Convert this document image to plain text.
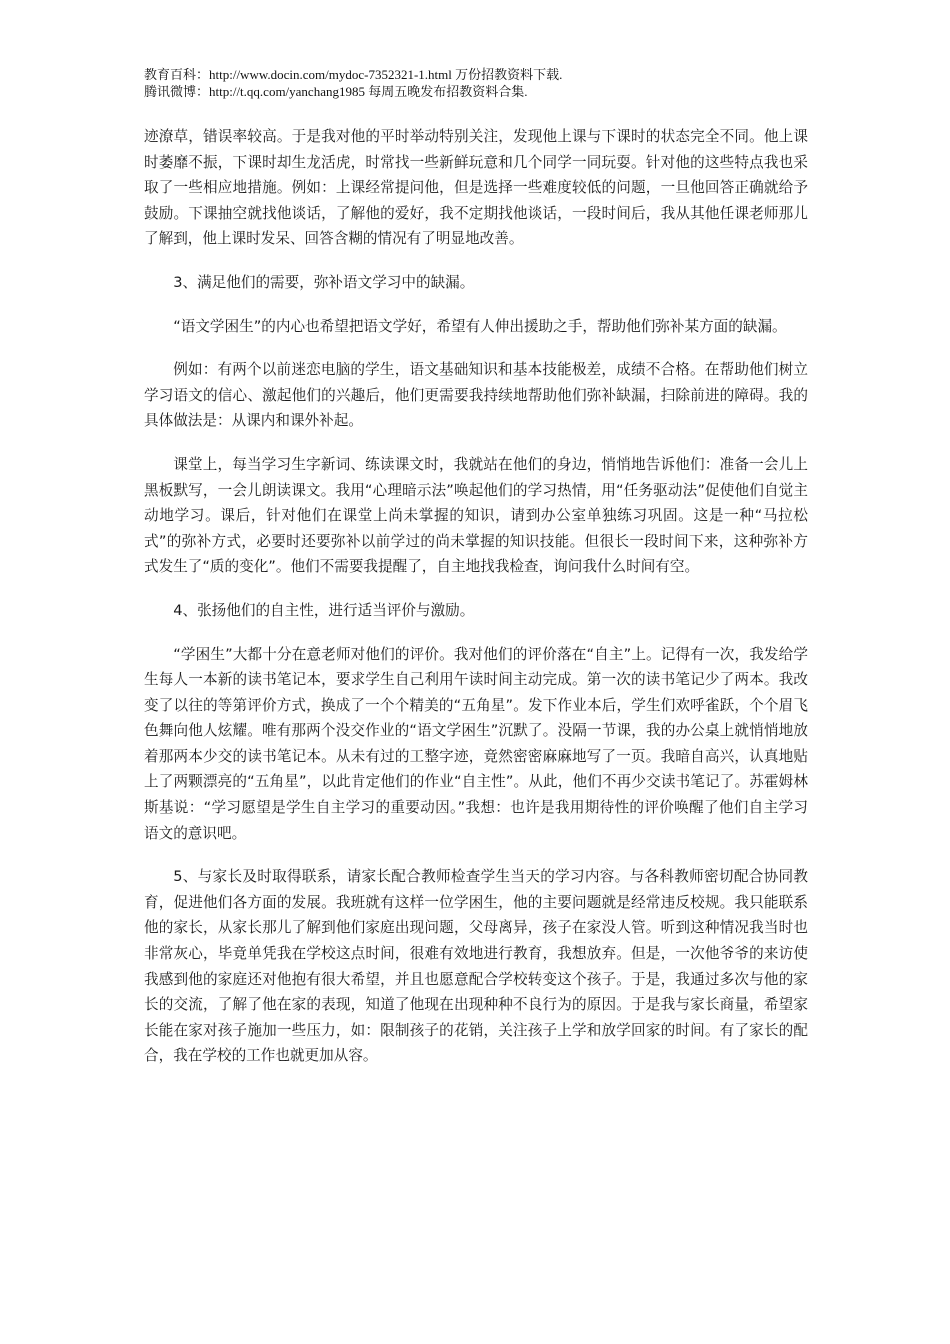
教育百科：http://www.docin.com/mydoc-7352321-1.html 万份招教资料下载.

腾讯微博：http://t.qq.com/yanchang1985 每周五晚发布招教资料合集.

迹潦草，错误率较高。于是我对他的平时举动特别关注，发现他上课与下课时的状态完全不同。他上课时萎靡不振，下课时却生龙活虎，时常找一些新鲜玩意和几个同学一同玩耍。针对他的这些特点我也采取了一些相应地措施。例如：上课经常提问他，但是选择一些难度较低的问题，一旦他回答正确就给予鼓励。下课抽空就找他谈话，了解他的爱好，我不定期找他谈话，一段时间后，我从其他任课老师那儿了解到，他上课时发呆、回答含糊的情况有了明显地改善。

3、满足他们的需要，弥补语文学习中的缺漏。

“语文学困生”的内心也希望把语文学好，希望有人伸出援助之手，帮助他们弥补某方面的缺漏。

例如：有两个以前迷恋电脑的学生，语文基础知识和基本技能极差，成绩不合格。在帮助他们树立学习语文的信心、激起他们的兴趣后，他们更需要我持续地帮助他们弥补缺漏，扫除前进的障碍。我的具体做法是：从课内和课外补起。

课堂上，每当学习生字新词、练读课文时，我就站在他们的身边，悄悄地告诉他们：准备一会儿上黑板默写，一会儿朗读课文。我用“心理暗示法”唤起他们的学习热情，用“任务驱动法”促使他们自觉主动地学习。课后，针对他们在课堂上尚未掌握的知识，请到办公室单独练习巩固。这是一种“马拉松式”的弥补方式，必要时还要弥补以前学过的尚未掌握的知识技能。但很长一段时间下来，这种弥补方式发生了“质的变化”。他们不需要我提醒了，自主地找我检查，询问我什么时间有空。

4、张扬他们的自主性，进行适当评价与激励。

“学困生”大都十分在意老师对他们的评价。我对他们的评价落在“自主”上。记得有一次，我发给学生每人一本新的读书笔记本，要求学生自己利用午读时间主动完成。第一次的读书笔记少了两本。我改变了以往的等第评价方式，换成了一个个精美的“五角星”。发下作业本后，学生们欢呼雀跃，个个眉飞色舞向他人炫耀。唯有那两个没交作业的“语文学困生”沉默了。没隔一节课，我的办公桌上就悄悄地放着那两本少交的读书笔记本。从未有过的工整字迹，竟然密密麻麻地写了一页。我暗自高兴，认真地贴上了两颗漂亮的“五角星”，以此肯定他们的作业“自主性”。从此，他们不再少交读书笔记了。苏霍姆林斯基说：“学习愿望是学生自主学习的重要动因。”我想：也许是我用期待性的评价唤醒了他们自主学习语文的意识吧。

5、与家长及时取得联系，请家长配合教师检查学生当天的学习内容。与各科教师密切配合协同教育，促进他们各方面的发展。我班就有这样一位学困生，他的主要问题就是经常违反校规。我只能联系他的家长，从家长那儿了解到他们家庭出现问题，父母离异，孩子在家没人管。听到这种情况我当时也非常灰心，毕竟单凭我在学校这点时间，很难有效地进行教育，我想放弃。但是，一次他爷爷的来访使我感到他的家庭还对他抱有很大希望，并且也愿意配合学校转变这个孩子。于是，我通过多次与他的家长的交流，了解了他在家的表现，知道了他现在出现种种不良行为的原因。于是我与家长商量，希望家长能在家对孩子施加一些压力，如：限制孩子的花销，关注孩子上学和放学回家的时间。有了家长的配合，我在学校的工作也就更加从容。
